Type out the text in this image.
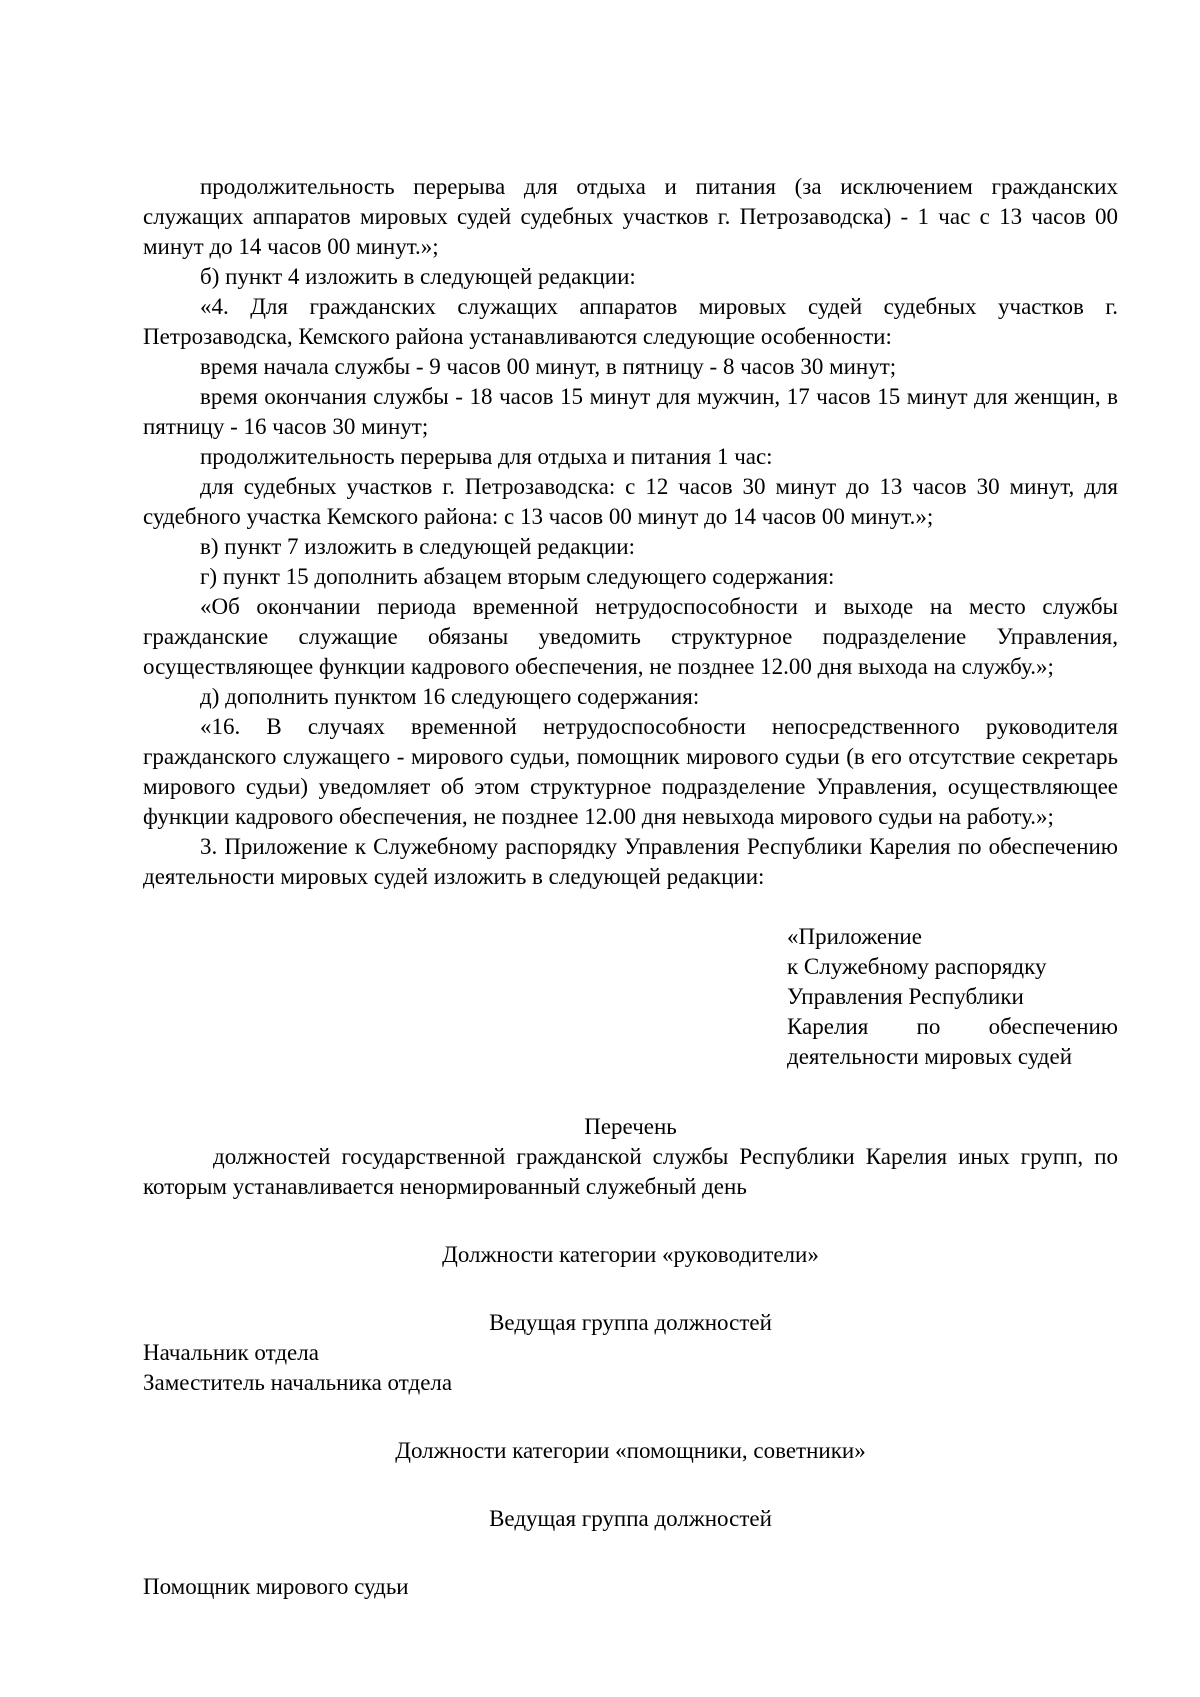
продолжительность перерыва для отдыха и питания (за исключением гражданских служащих аппаратов мировых судей судебных участков г. Петрозаводска) - 1 час с 13 часов 00 минут до 14 часов 00 минут.»;

б) пункт 4 изложить в следующей редакции:

«4. Для гражданских служащих аппаратов мировых судей судебных участков г. Петрозаводска, Кемского района устанавливаются следующие особенности:

время начала службы - 9 часов 00 минут, в пятницу - 8 часов 30 минут;

время окончания службы - 18 часов 15 минут для мужчин, 17 часов 15 минут для женщин, в пятницу - 16 часов 30 минут;

продолжительность перерыва для отдыха и питания 1 час:

для судебных участков г. Петрозаводска: с 12 часов 30 минут до 13 часов 30 минут, для судебного участка Кемского района: с 13 часов 00 минут до 14 часов 00 минут.»;

в) пункт 7 изложить в следующей редакции:

г) пункт 15 дополнить абзацем вторым следующего содержания:

«Об окончании периода временной нетрудоспособности и выходе на место службы гражданские служащие обязаны уведомить структурное подразделение Управления, осуществляющее функции кадрового обеспечения, не позднее 12.00 дня выхода на службу.»;

д) дополнить пунктом 16 следующего содержания:

«16. В случаях временной нетрудоспособности непосредственного руководителя гражданского служащего - мирового судьи, помощник мирового судьи (в его отсутствие секретарь мирового судьи) уведомляет об этом структурное подразделение Управления, осуществляющее функции кадрового обеспечения, не позднее 12.00 дня невыхода мирового судьи на работу.»;

3. Приложение к Служебному распорядку Управления Республики Карелия по обеспечению деятельности мировых судей изложить в следующей редакции:

«Приложение
к Служебному распорядку
Управления Республики
Карелия по обеспечению
деятельности мировых судей

Перечень

должностей государственной гражданской службы Республики Карелия иных групп, по которым устанавливается ненормированный служебный день

Должности категории «руководители»

Ведущая группа должностей

Начальник отдела

Заместитель начальника отдела

Должности категории «помощники, советники»

Ведущая группа должностей

Помощник мирового судьи
